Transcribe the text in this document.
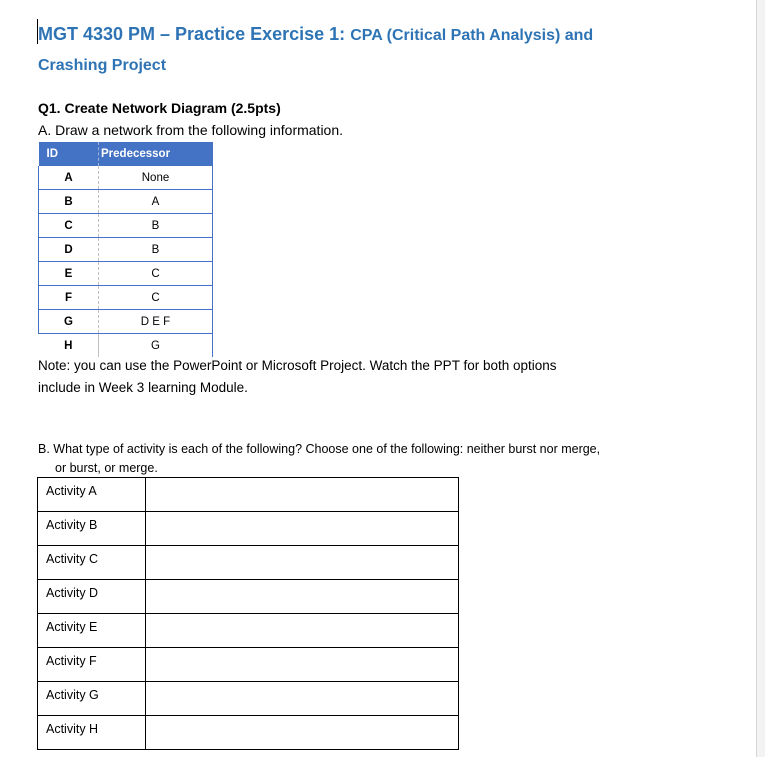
MGT 4330 PM – Practice Exercise 1: CPA (Critical Path Analysis) and
Crashing Project
Q1. Create Network Diagram (2.5pts)
A. Draw a network from the following information.
ID	Predecessor
A	None
B	A
C	B
D	B
E	C
F	C
G	D E F
H	G
Note: you can use the PowerPoint or Microsoft Project. Watch the PPT for both options
include in Week 3 learning Module.
B. What type of activity is each of the following? Choose one of the following: neither burst nor merge,
or burst, or merge.
Activity A	
Activity B	
Activity C	
Activity D	
Activity E	
Activity F	
Activity G	
Activity H	
